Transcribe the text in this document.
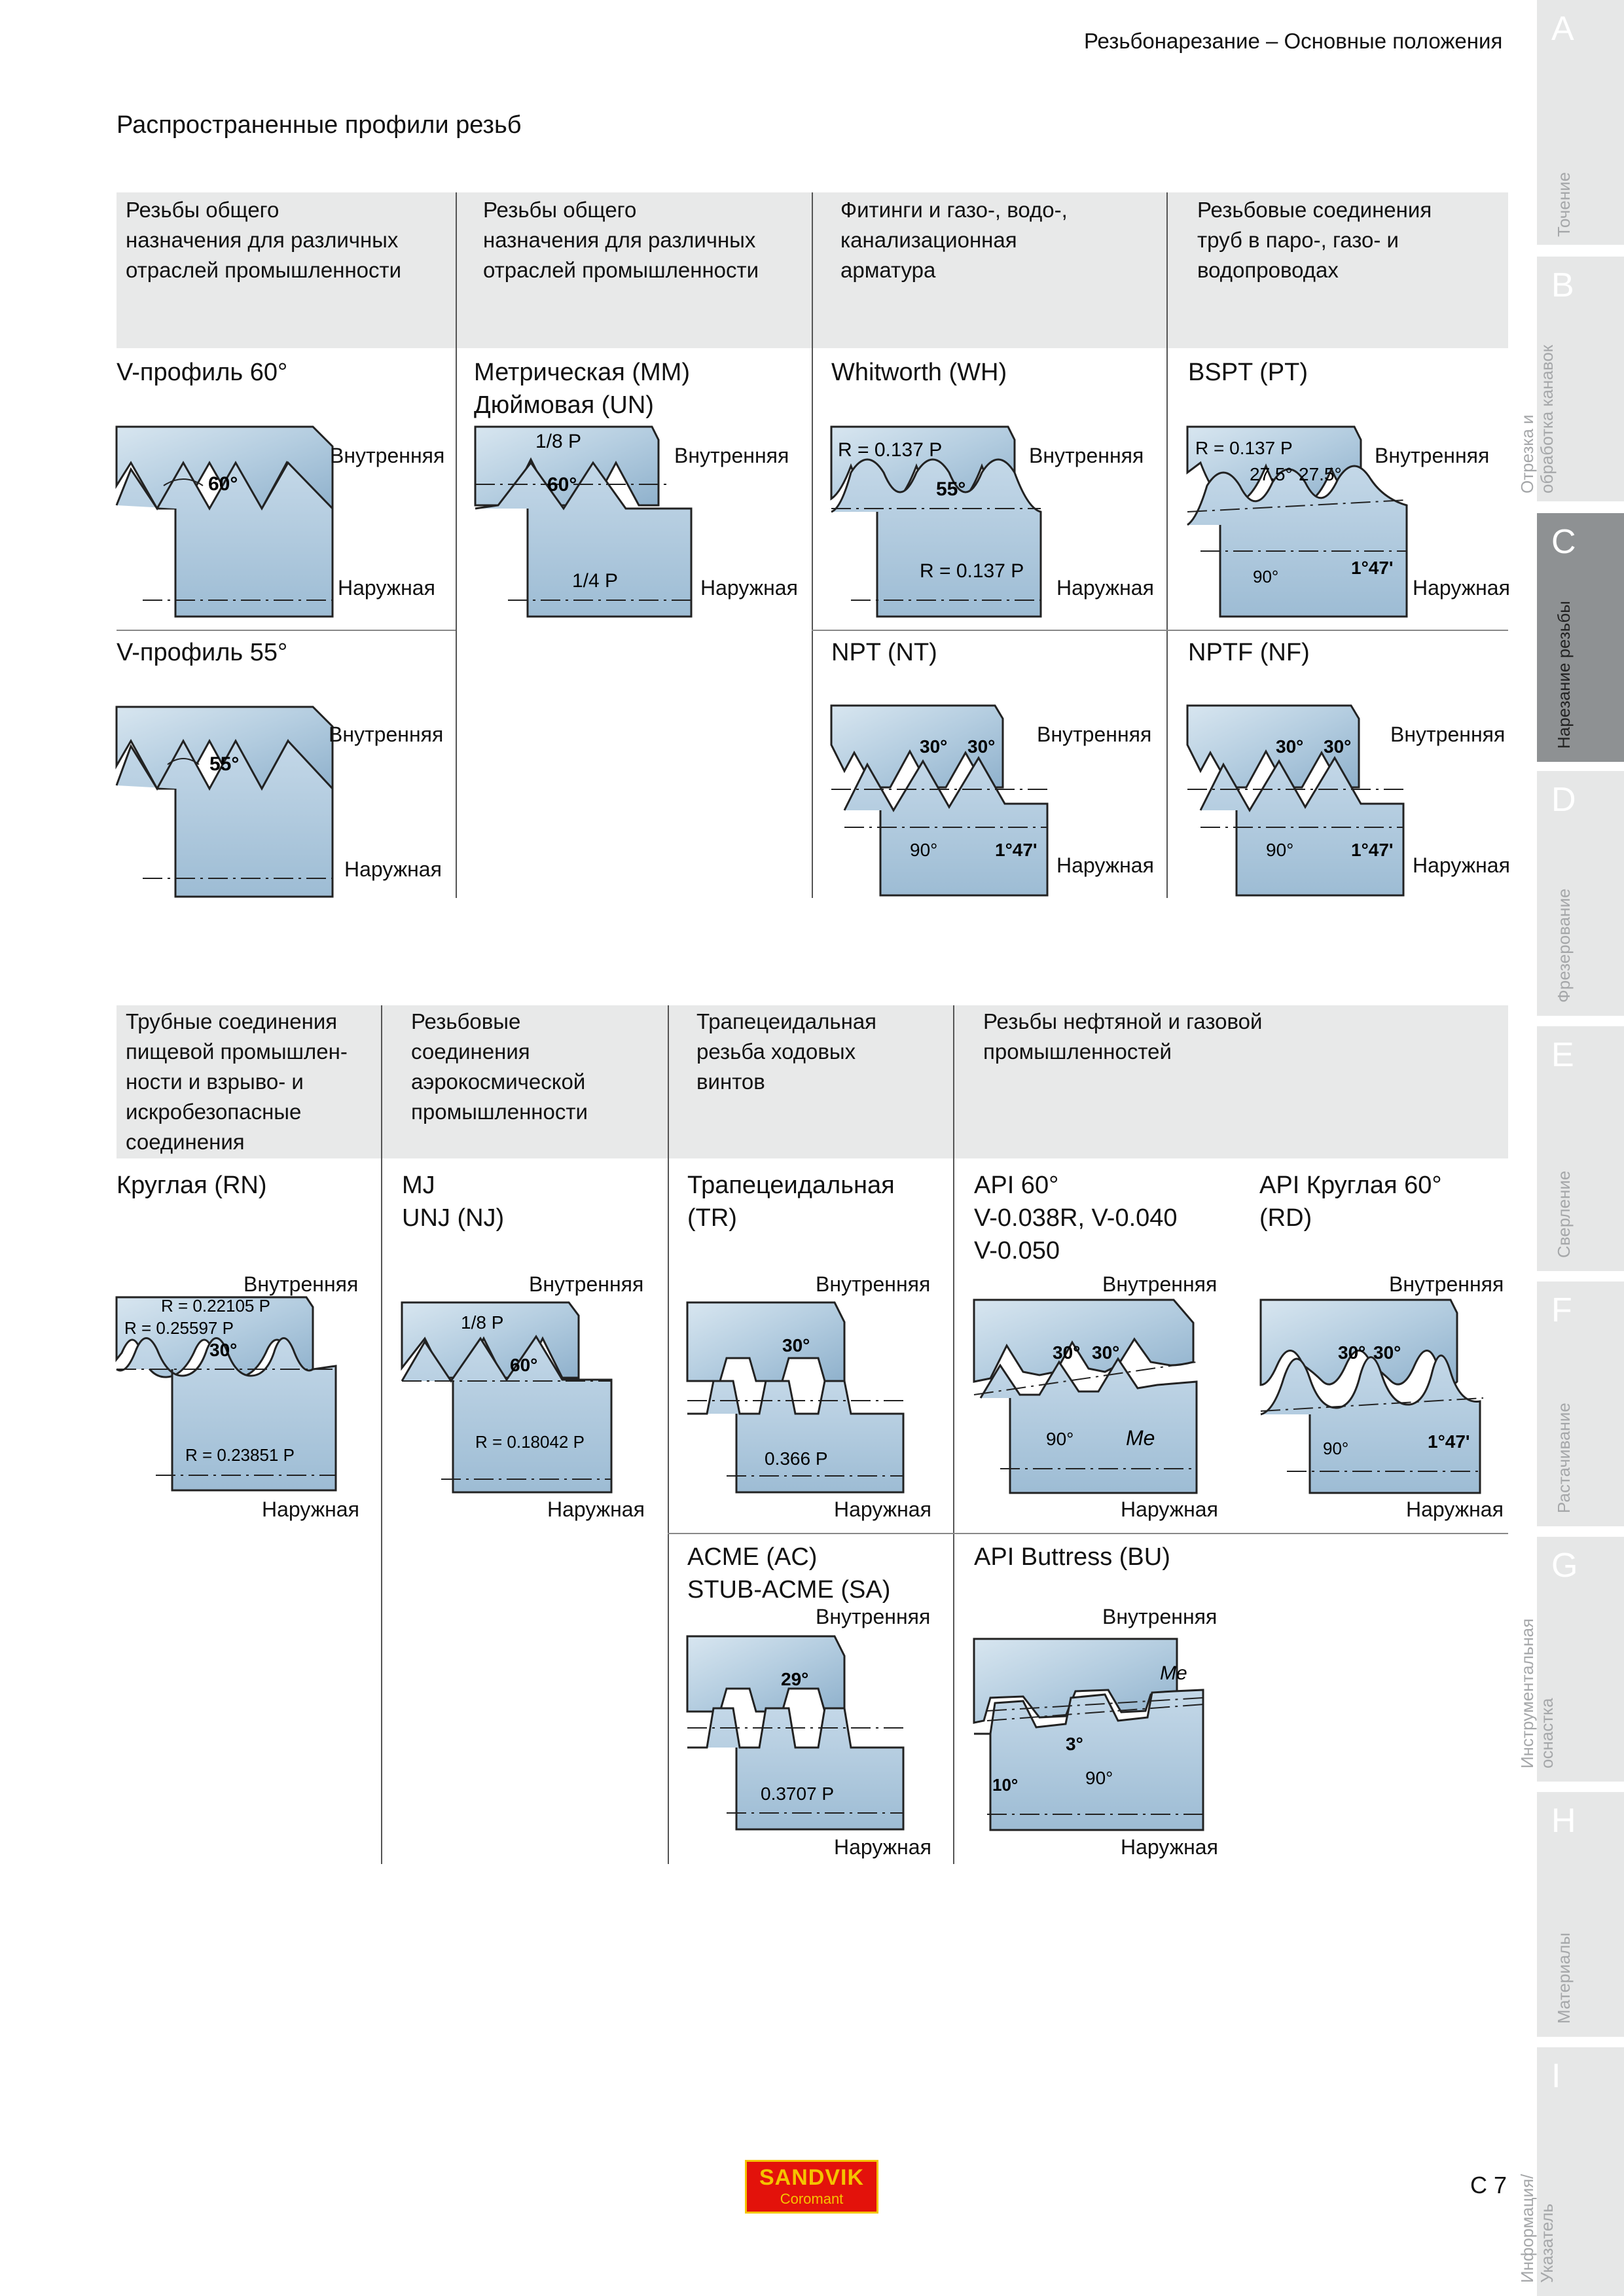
Резьбонарезание – Основные положения
Распространенные профили резьб
Резьбы общего
назначения для различных
отраслей промышленности
Резьбы общего
назначения для различных
отраслей промышленности
Фитинги и газо-, водо-,
канализационная
арматура
Резьбовые соединения
труб в паро-, газо- и
водопроводах
V-профиль 60°
60°
Внутренняя
Наружная
Метрическая (MM)
Дюймовая (UN)
1/8 P
60°
1/4 P
Внутренняя
Наружная
Whitworth (WH)
R = 0.137 P
55°
R = 0.137 P
Внутренняя
Наружная
BSPT (PT)
R = 0.137 P
27.5° 27.5°
90°	1°47'
Внутренняя
Наружная
V-профиль 55°
55°
Внутренняя
Наружная
NPT (NT)
30° 30°
90°	1°47'
Внутренняя
Наружная
NPTF (NF)
30° 30°
90°	1°47'
Внутренняя
Наружная
Трубные соединения
пищевой промышлен-
ности и взрыво- и
искробезопасные
соединения
Резьбовые
соединения
аэрокосмической
промышленности
Трапецеидальная
резьба ходовых
винтов
Резьбы нефтяной и газовой
промышленностей
Круглая (RN)
Внутренняя
R = 0.22105 P
R = 0.25597 P
30°
R = 0.23851 P
Наружная
MJ
UNJ (NJ)
Внутренняя
1/8 P
60°
R = 0.18042 P
Наружная
Трапецеидальная
(TR)
Внутренняя
30°
0.366 P
Наружная
API 60°
V-0.038R, V-0.040
V-0.050
Внутренняя
30° 30°
90° Me
Наружная
API Круглая 60°
(RD)
Внутренняя
30° 30°
90°	1°47'
Наружная
ACME (AC)
STUB-ACME (SA)
Внутренняя
29°
0.3707 P
Наружная
API Buttress (BU)
Внутренняя
Me
3°
10°	90°
Наружная
A
Точение
B
Отрезка и
обработка канавок
C
Нарезание резьбы
D
Фрезерование
E
Сверление
F
Растачивание
G
Инструментальная
оснастка
H
Материалы
I
Информация/
Указатель
SANDVIK
Coromant
C 7
